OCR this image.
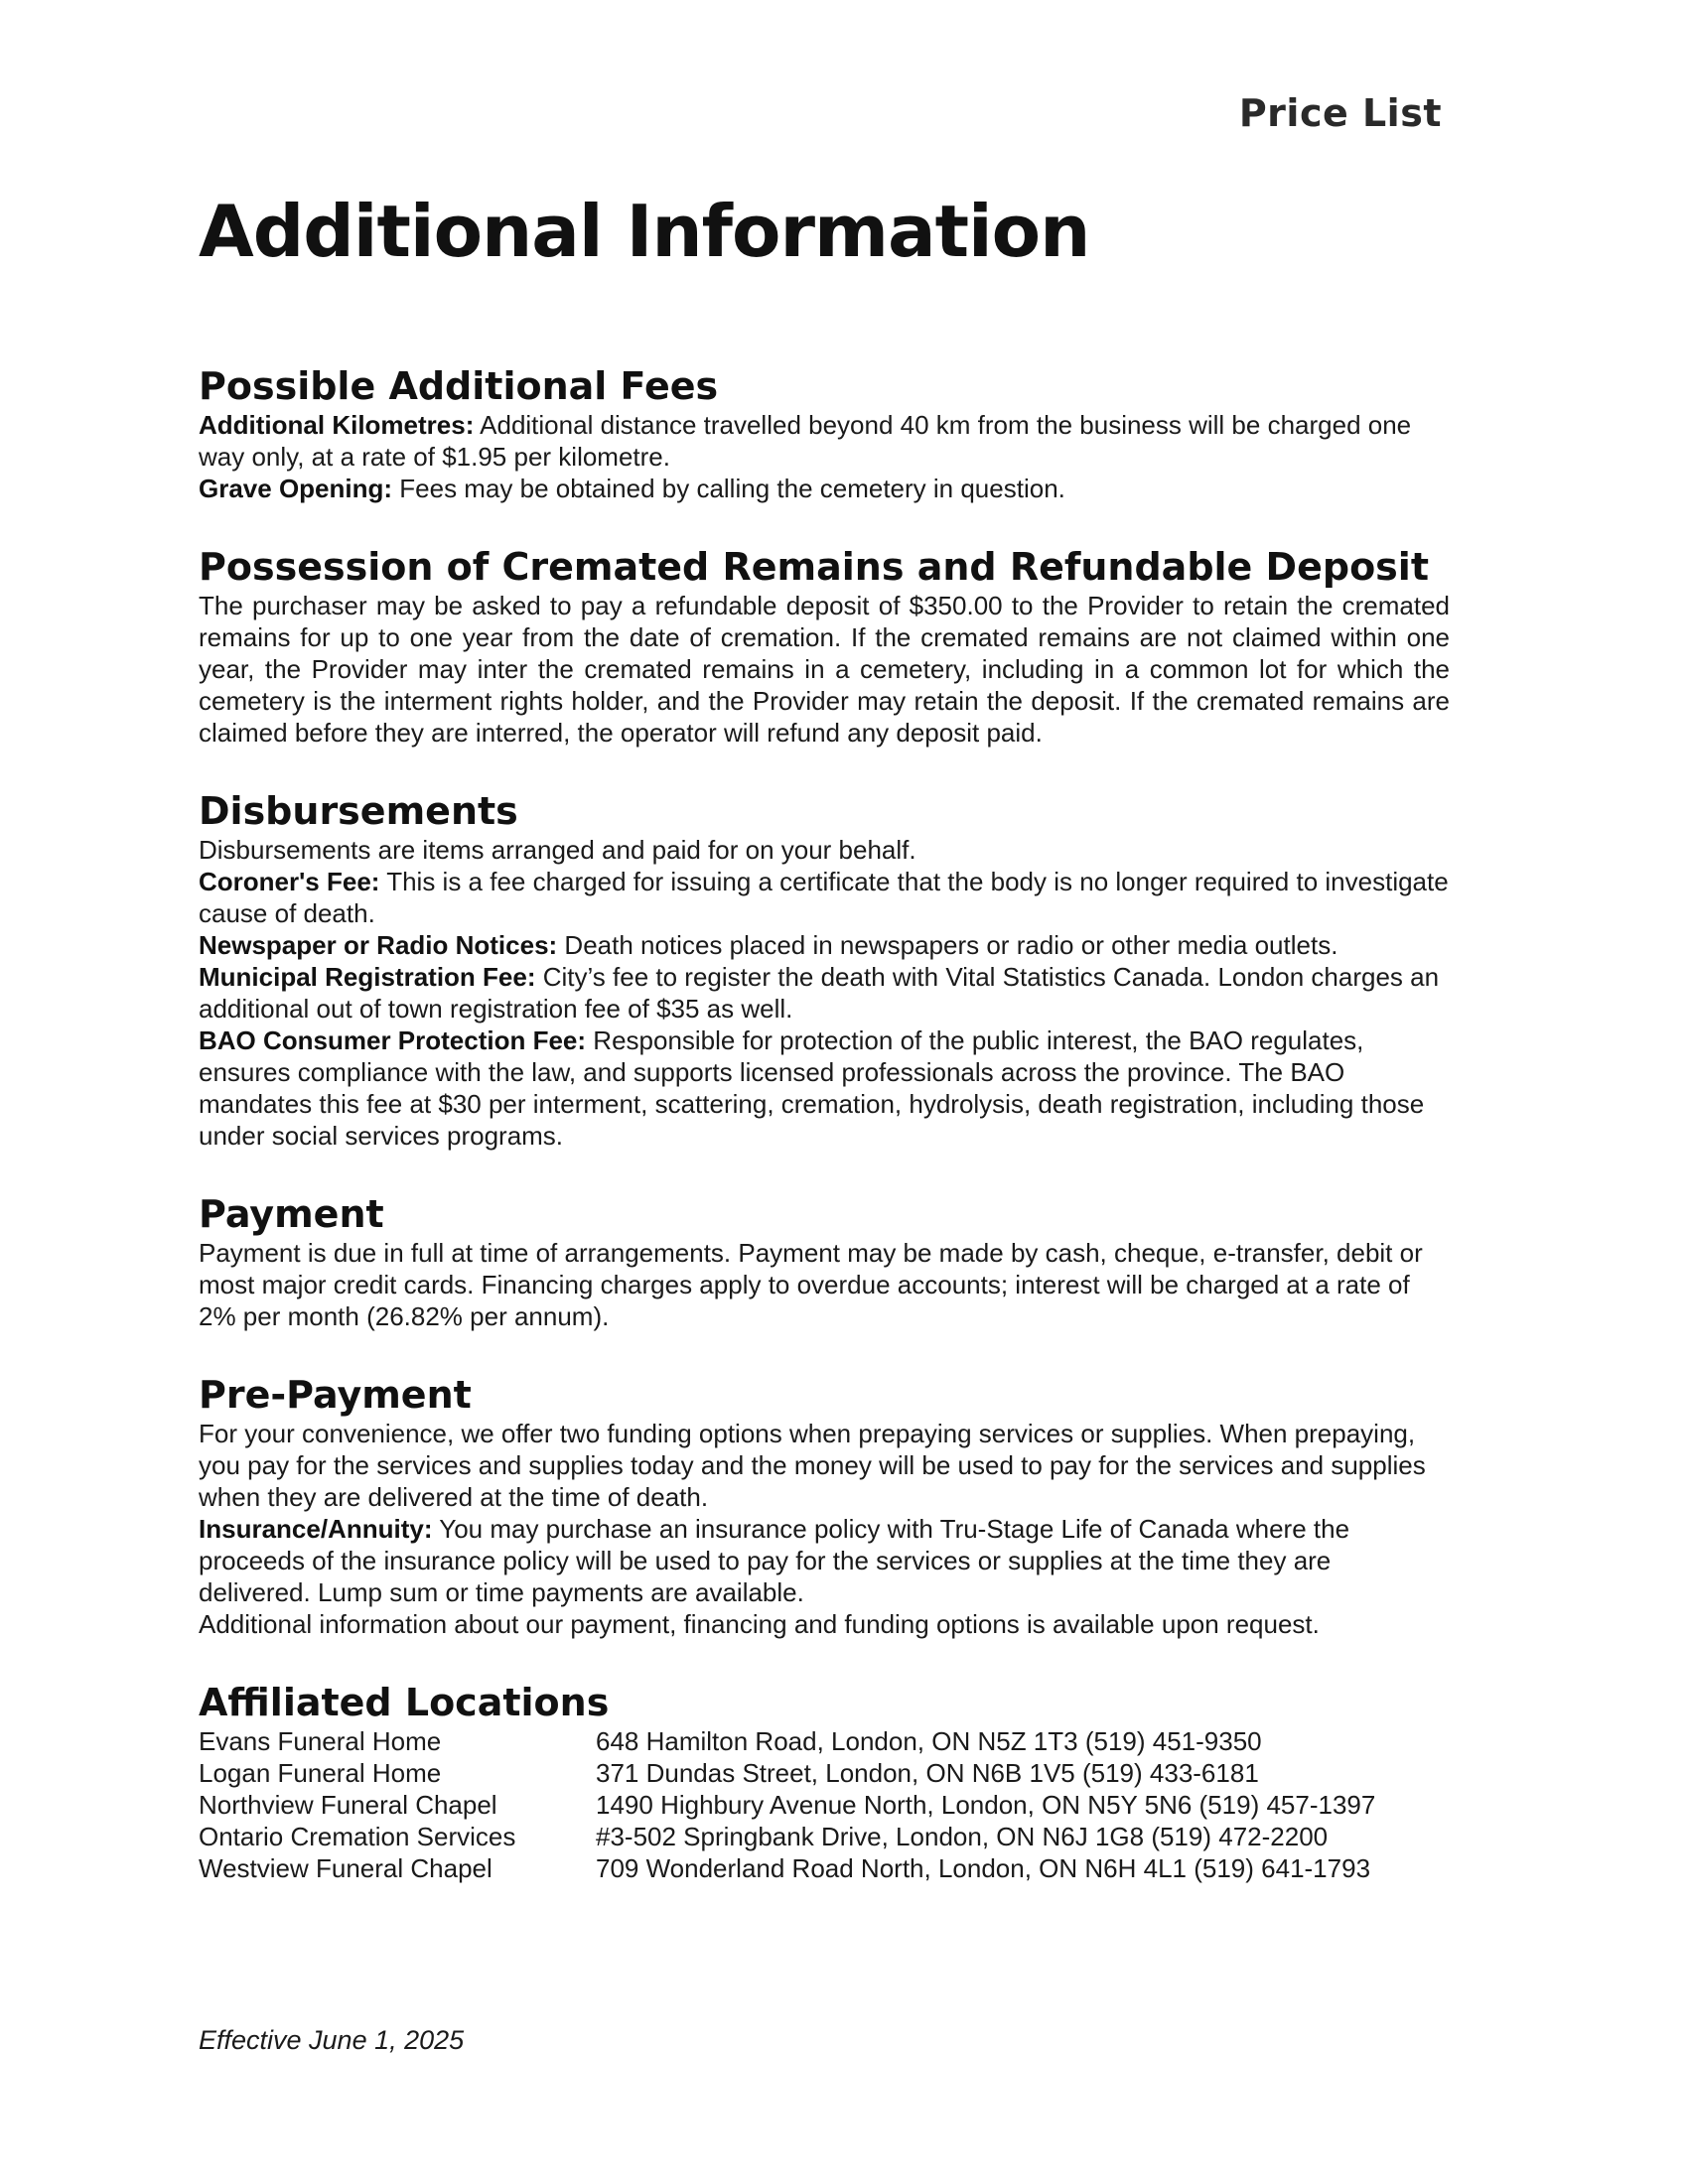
Price List
Additional Information
Possible Additional Fees

Additional Kilometres: Additional distance travelled beyond 40 km from the business will be charged one way only, at a rate of $1.95 per kilometre.

Grave Opening: Fees may be obtained by calling the cemetery in question.

Possession of Cremated Remains and Refundable Deposit

The purchaser may be asked to pay a refundable deposit of $350.00 to the Provider to retain the cremated remains for up to one year from the date of cremation. If the cremated remains are not claimed within one year, the Provider may inter the cremated remains in a cemetery, including in a common lot for which the cemetery is the interment rights holder, and the Provider may retain the deposit. If the cremated remains are claimed before they are interred, the operator will refund any deposit paid.

Disbursements

Disbursements are items arranged and paid for on your behalf.

Coroner's Fee: This is a fee charged for issuing a certificate that the body is no longer required to investigate cause of death.

Newspaper or Radio Notices: Death notices placed in newspapers or radio or other media outlets.

Municipal Registration Fee: City’s fee to register the death with Vital Statistics Canada. London charges an additional out of town registration fee of $35 as well.

BAO Consumer Protection Fee: Responsible for protection of the public interest, the BAO regulates, ensures compliance with the law, and supports licensed professionals across the province. The BAO mandates this fee at $30 per interment, scattering, cremation, hydrolysis, death registration, including those under social services programs.

Payment

Payment is due in full at time of arrangements. Payment may be made by cash, cheque, e-transfer, debit or most major credit cards. Financing charges apply to overdue accounts; interest will be charged at a rate of 2% per month (26.82% per annum).

Pre-Payment

For your convenience, we offer two funding options when prepaying services or supplies. When prepaying, you pay for the services and supplies today and the money will be used to pay for the services and supplies when they are delivered at the time of death.

Insurance/Annuity: You may purchase an insurance policy with Tru-Stage Life of Canada where the proceeds of the insurance policy will be used to pay for the services or supplies at the time they are delivered. Lump sum or time payments are available.

Additional information about our payment, financing and funding options is available upon request.

Affiliated Locations
Evans Funeral Home	648 Hamilton Road, London, ON N5Z 1T3 (519) 451-9350
Logan Funeral Home	371 Dundas Street, London, ON N6B 1V5 (519) 433-6181
Northview Funeral Chapel	1490 Highbury Avenue North, London, ON N5Y 5N6 (519) 457-1397
Ontario Cremation Services	#3-502 Springbank Drive, London, ON N6J 1G8 (519) 472-2200
Westview Funeral Chapel	709 Wonderland Road North, London, ON N6H 4L1 (519) 641-1793
Effective June 1, 2025
